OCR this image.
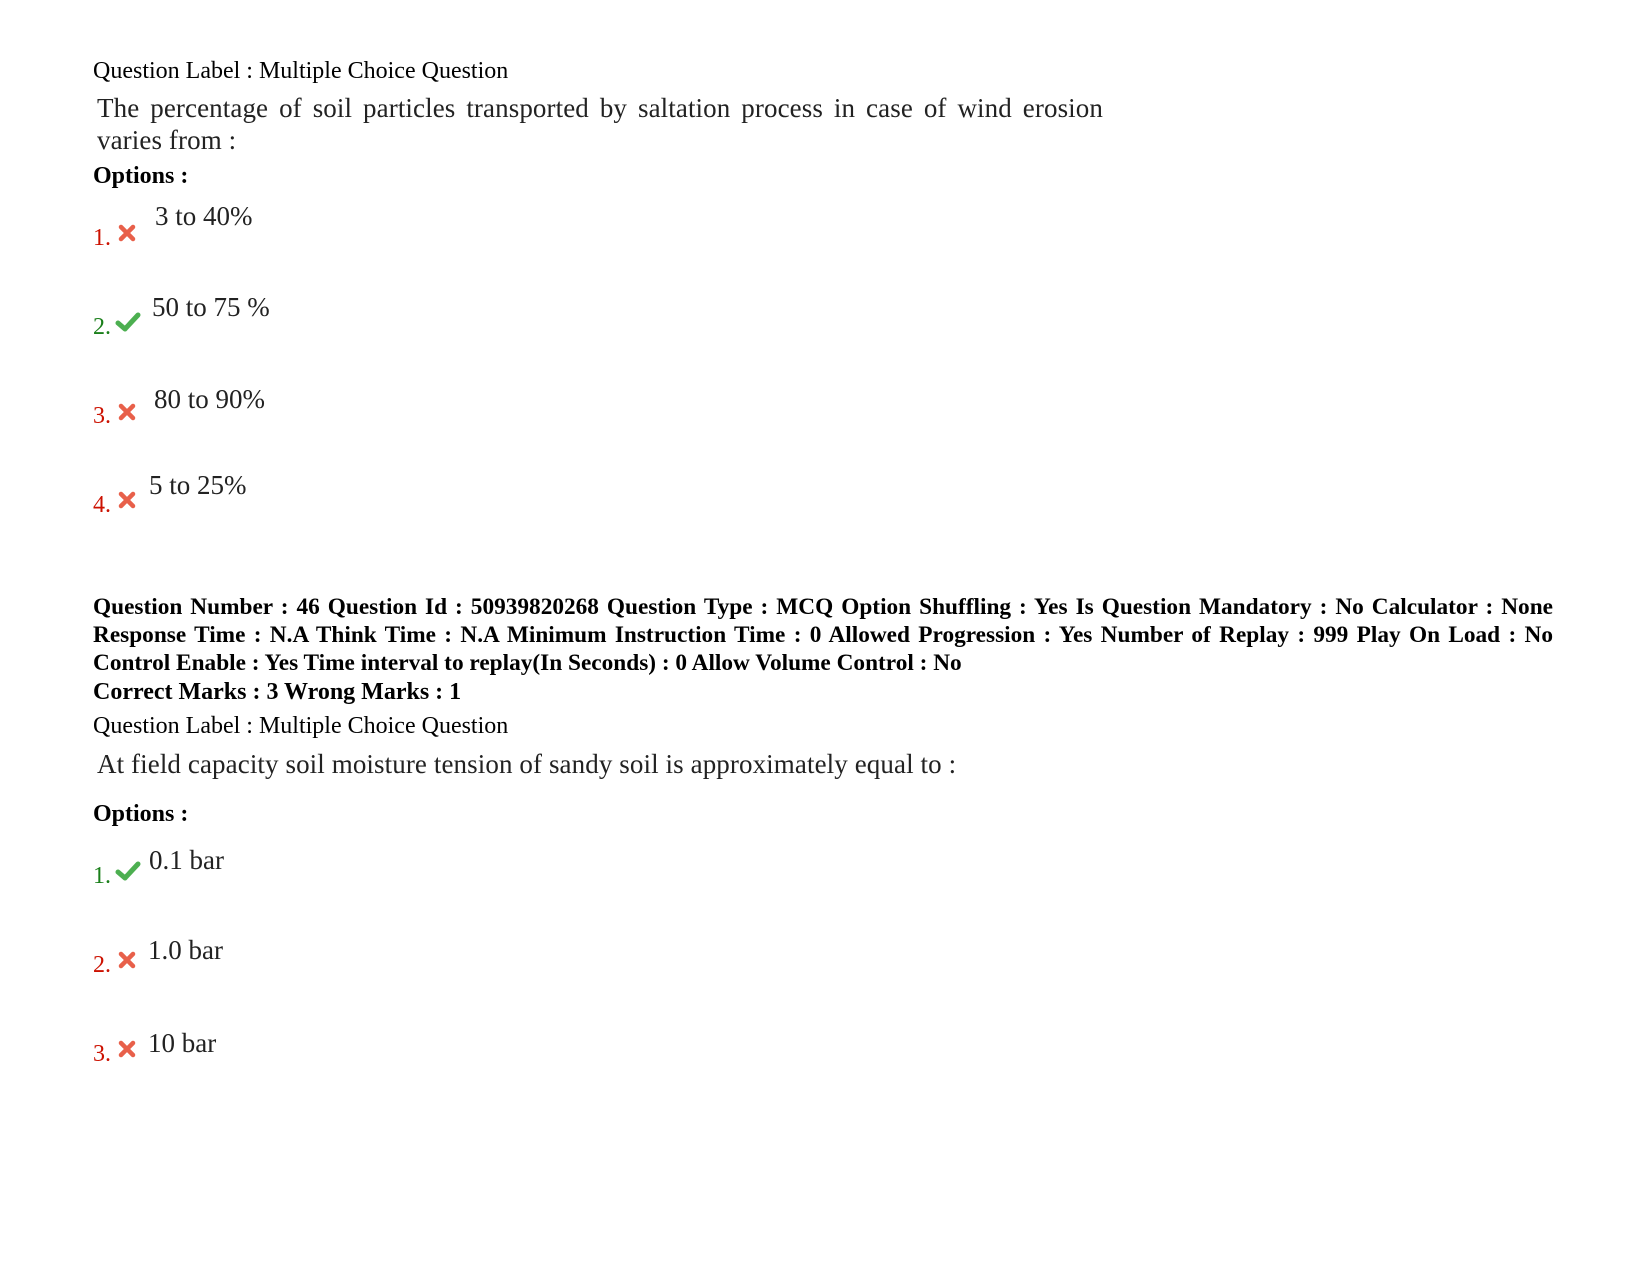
Question Label : Multiple Choice Question
The percentage of soil particles transported by saltation process in case of wind erosion varies from :
Options :
1.
3 to 40%
2.
50 to 75 %
3.
80 to 90%
4.
5 to 25%
Question Number : 46 Question Id : 50939820268 Question Type : MCQ Option Shuffling : Yes Is Question Mandatory : No Calculator : None Response Time : N.A Think Time : N.A Minimum Instruction Time : 0 Allowed Progression : Yes Number of Replay : 999 Play On Load : No Control Enable : Yes Time interval to replay(In Seconds) : 0 Allow Volume Control : No
Correct Marks : 3 Wrong Marks : 1
Question Label : Multiple Choice Question
At field capacity soil moisture tension of sandy soil is approximately equal to :
Options :
1.
0.1 bar
2. 1.0 bar
3. 10 bar
